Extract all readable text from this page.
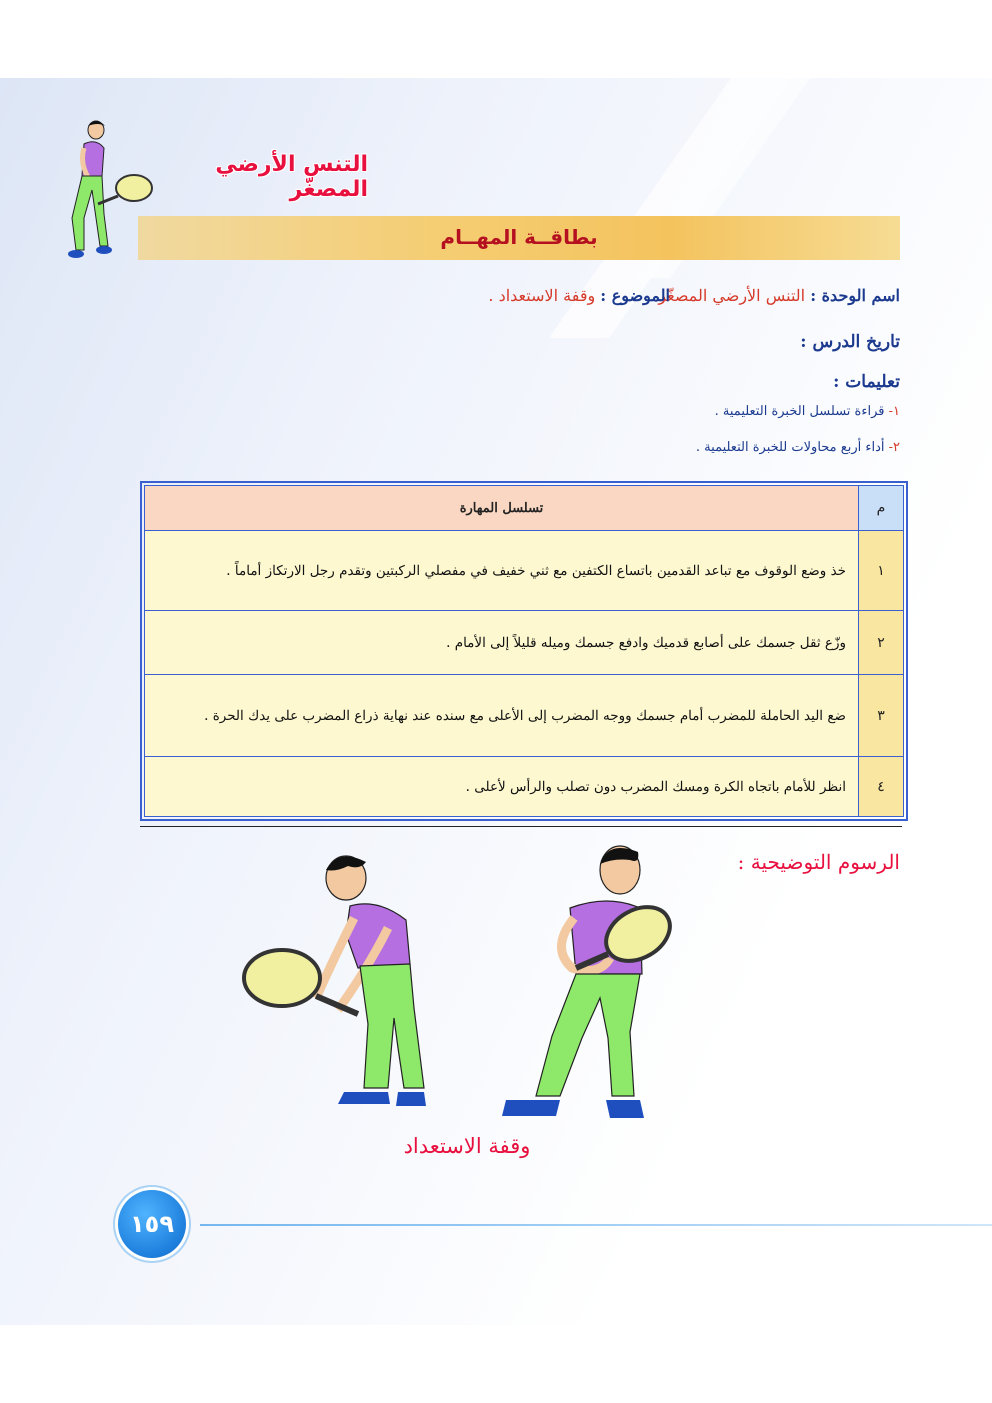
التنس الأرضي المصغّر
بطاقــة المهــام
اسم الوحدة : التنس الأرضي المصغّر
الموضوع : وقفة الاستعداد .
تاريخ الدرس :
تعليمات :
١- قراءة تسلسل الخبرة التعليمية .
٢- أداء أربع محاولات للخبرة التعليمية .
م	تسلسل المهارة
١	خذ وضع الوقوف مع تباعد القدمين باتساع الكتفين مع ثني خفيف في مفصلي الركبتين وتقدم رجل الارتكاز أماماً .
٢	وزّع ثقل جسمك على أصابع قدميك وادفع جسمك وميله قليلاً إلى الأمام .
٣	ضع اليد الحاملة للمضرب أمام جسمك ووجه المضرب إلى الأعلى مع سنده عند نهاية ذراع المضرب على يدك الحرة .
٤	انظر للأمام باتجاه الكرة ومسك المضرب دون تصلب والرأس لأعلى .
الرسوم التوضيحية :
وقفة الاستعداد
١٥٩
